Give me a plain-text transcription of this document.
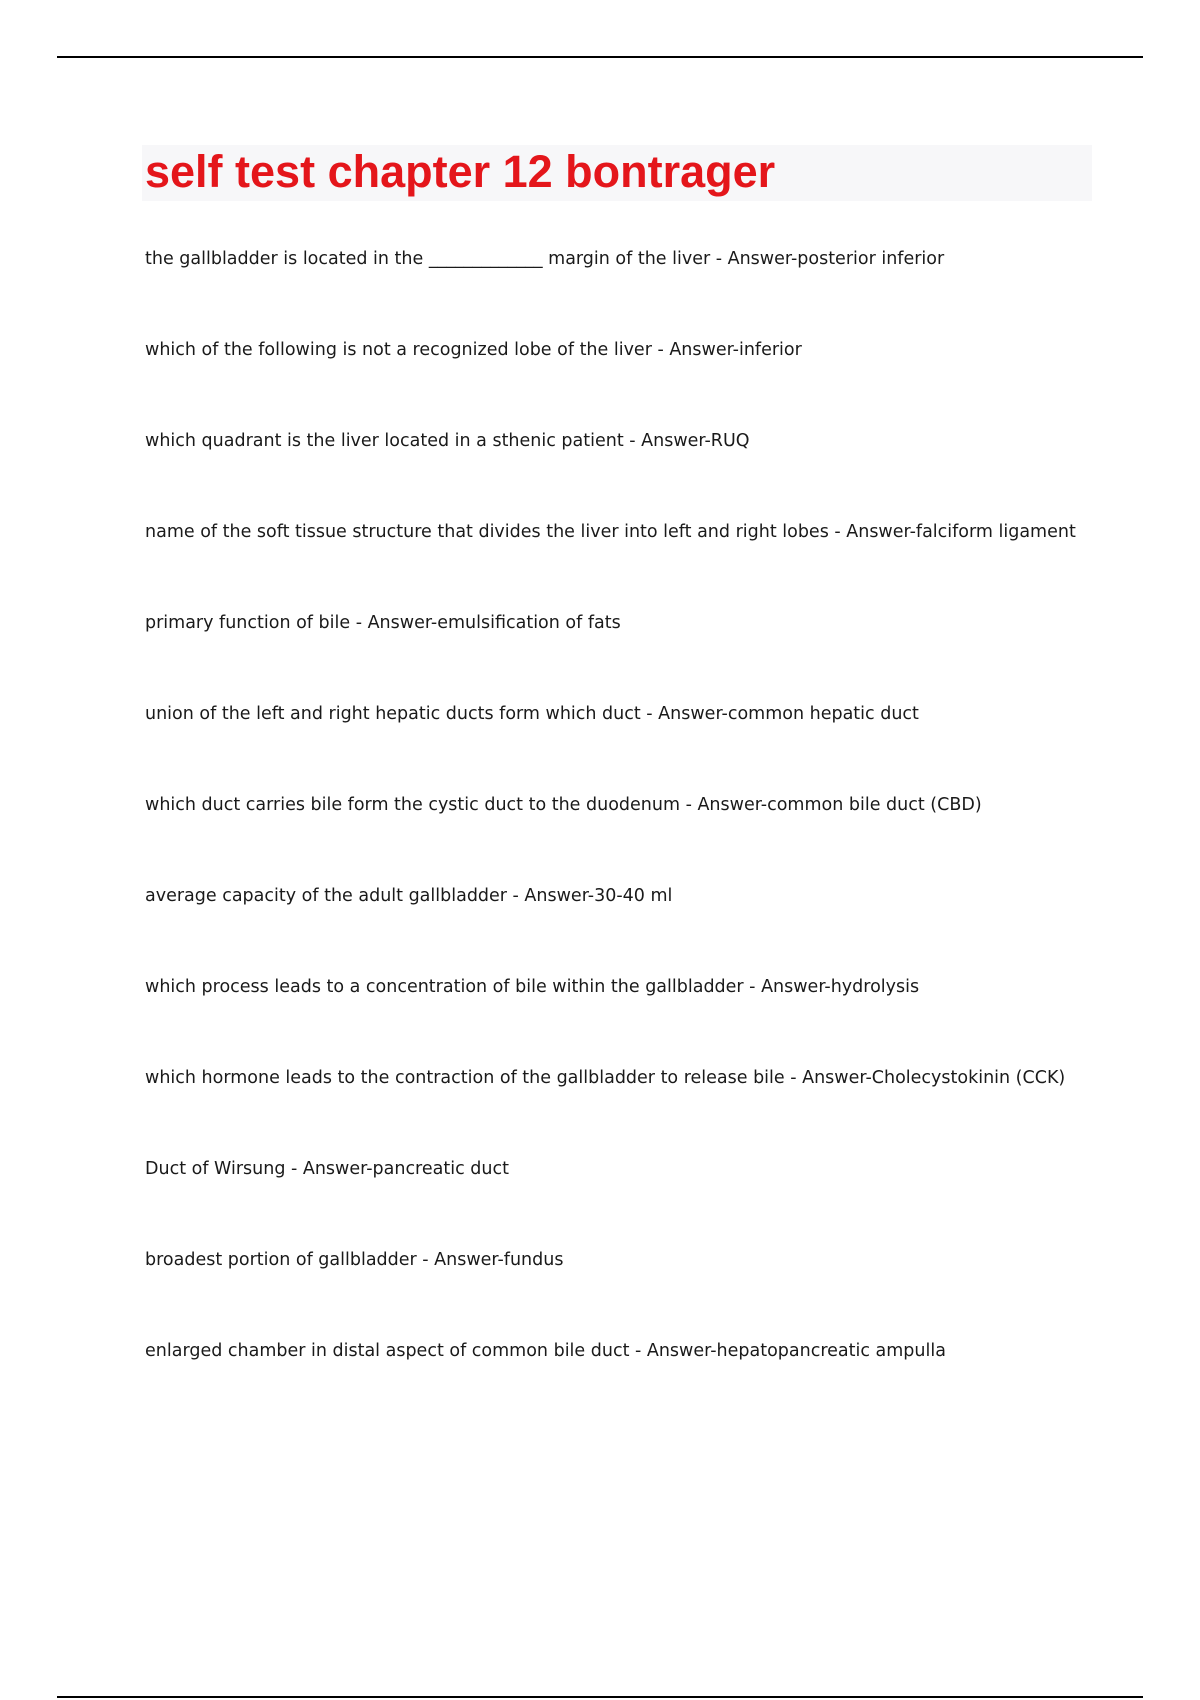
self test chapter 12 bontrager
the gallbladder is located in the _____________ margin of the liver - Answer-posterior inferior
which of the following is not a recognized lobe of the liver - Answer-inferior
which quadrant is the liver located in a sthenic patient - Answer-RUQ
name of the soft tissue structure that divides the liver into left and right lobes - Answer-falciform ligament
primary function of bile - Answer-emulsification of fats
union of the left and right hepatic ducts form which duct - Answer-common hepatic duct
which duct carries bile form the cystic duct to the duodenum - Answer-common bile duct (CBD)
average capacity of the adult gallbladder - Answer-30-40 ml
which process leads to a concentration of bile within the gallbladder - Answer-hydrolysis
which hormone leads to the contraction of the gallbladder to release bile - Answer-Cholecystokinin (CCK)
Duct of Wirsung - Answer-pancreatic duct
broadest portion of gallbladder - Answer-fundus
enlarged chamber in distal aspect of common bile duct - Answer-hepatopancreatic ampulla
